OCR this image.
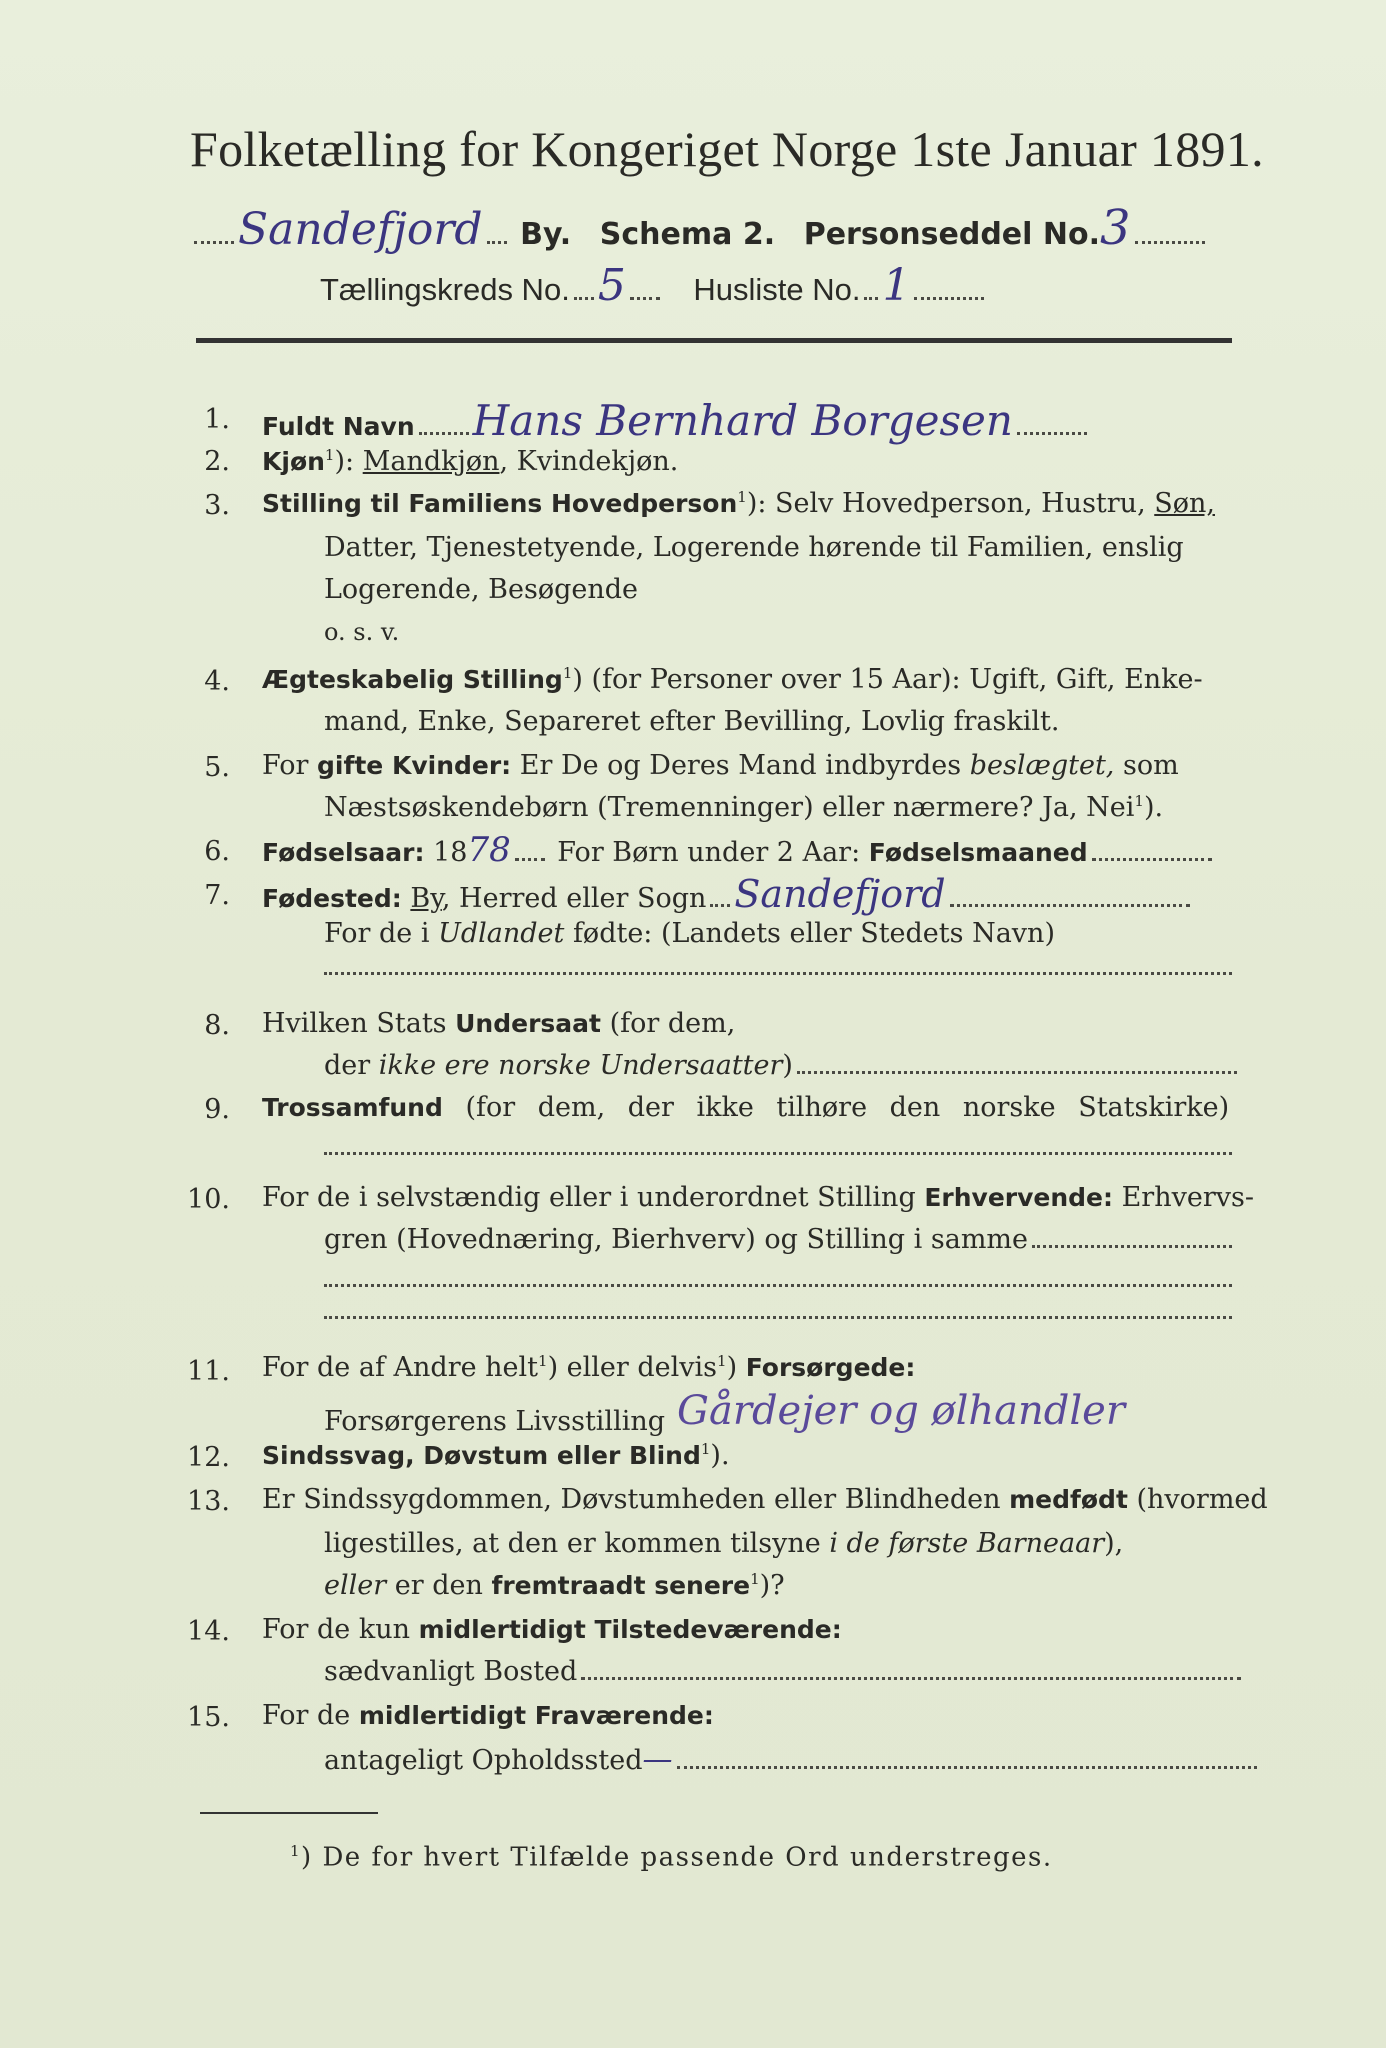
Folketælling for Kongeriget Norge 1ste Januar 1891.
Sandefjord By. Schema 2. Personseddel No.3
Tællingskreds No. 5 Husliste No. 1
1. Fuldt Navn Hans Bernhard Borgesen
2. Kjøn$^1$): Mandkjøn, Kvindekjøn.
3. Stilling til Familiens Hovedperson$^1$): Selv Hovedperson, Hustru, Søn,
Datter, Tjenestetyende, Logerende hørende til Familien, enslig
Logerende, Besøgende
o. s. v.
4. Ægteskabelig Stilling$^1$) (for Personer over 15 Aar): Ugift, Gift, Enke-
mand, Enke, Separeret efter Bevilling, Lovlig fraskilt.
5. For gifte Kvinder: Er De og Deres Mand indbyrdes beslægtet, som
Næstsøskendebørn (Tremenninger) eller nærmere? Ja, Nei$^1$).
6. Fødselsaar: 1878 For Børn under 2 Aar: Fødselsmaaned
7. Fødested: By, Herred eller Sogn Sandefjord
For de i Udlandet fødte: (Landets eller Stedets Navn)
8. Hvilken Stats Undersaat (for dem,
der ikke ere norske Undersaatter)
9. Trossamfund (for dem, der ikke tilhøre den norske Statskirke)
10. For de i selvstændig eller i underordnet Stilling Erhvervende: Erhvervs-
gren (Hovednæring, Bierhverv) og Stilling i samme
11. For de af Andre helt$^1$) eller delvis$^1$) Forsørgede:
Forsørgerens Livsstilling Gårdejer og ølhandler
12. Sindssvag, Døvstum eller Blind$^1$).
13. Er Sindssygdommen, Døvstumheden eller Blindheden medfødt (hvormed
ligestilles, at den er kommen tilsyne i de første Barneaar),
eller er den fremtraadt senere$^1$)?
14. For de kun midlertidigt Tilstedeværende:
sædvanligt Bosted
15. For de midlertidigt Fraværende:
antageligt Opholdssted—
$^1$) De for hvert Tilfælde passende Ord understreges.
